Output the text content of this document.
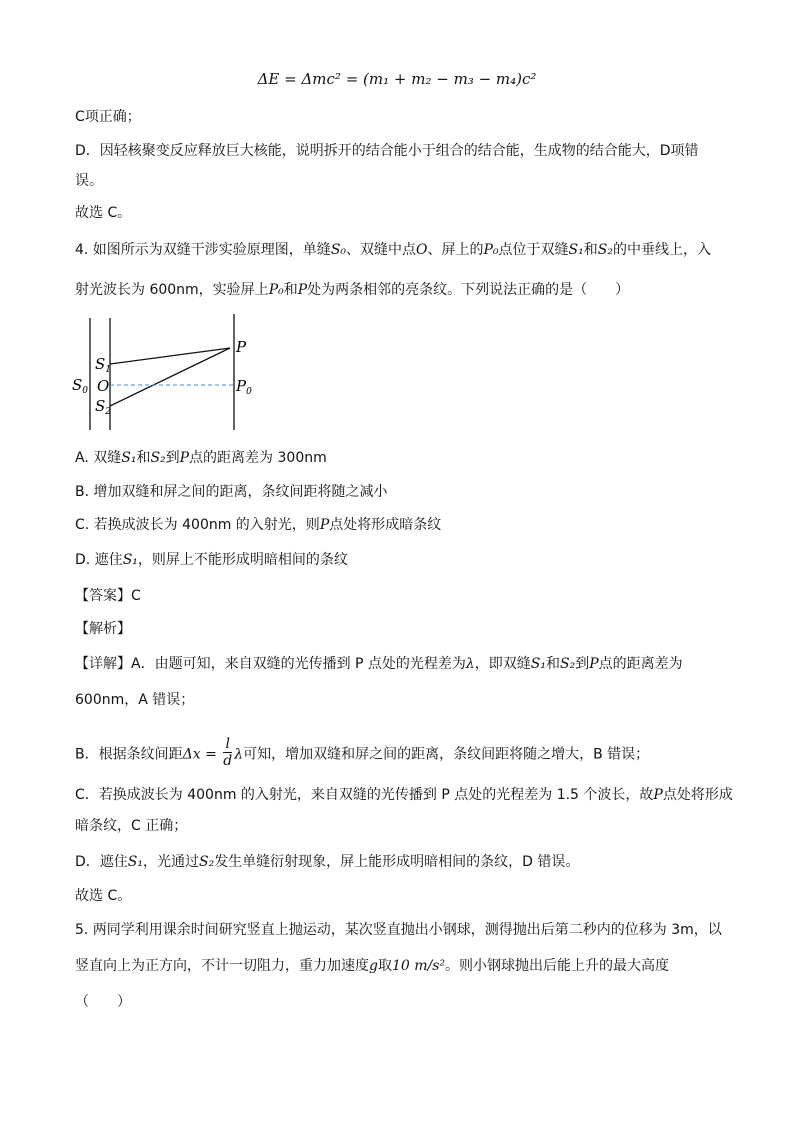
ΔE = Δmc² = (m₁ + m₂ − m₃ − m₄)c²
C项正确；
D．因轻核聚变反应释放巨大核能，说明拆开的结合能小于组合的结合能，生成物的结合能大，D项错
误。
故选 C。
4. 如图所示为双缝干涉实验原理图，单缝S₀、双缝中点O、屏上的P₀点位于双缝S₁和S₂的中垂线上，入
射光波长为 600nm，实验屏上P₀和P处为两条相邻的亮条纹。下列说法正确的是（　　）
$S_0$
$S_1$
O
$S_2$
P
$P_0$
A. 双缝S₁和S₂到P点的距离差为 300nm
B. 增加双缝和屏之间的距离，条纹间距将随之减小
C. 若换成波长为 400nm 的入射光，则P点处将形成暗条纹
D. 遮住S₁，则屏上不能形成明暗相间的条纹
【答案】C
【解析】
【详解】A．由题可知，来自双缝的光传播到 P 点处的光程差为λ，即双缝S₁和S₂到P点的距离差为
600nm，A 错误；
B．根据条纹间距$\Delta x = \frac{l}{d}$ λ可知，增加双缝和屏之间的距离，条纹间距将随之增大，B 错误；
C．若换成波长为 400nm 的入射光，来自双缝的光传播到 P 点处的光程差为 1.5 个波长，故P点处将形成
暗条纹，C 正确；
D．遮住S₁，光通过S₂发生单缝衍射现象，屏上能形成明暗相间的条纹，D 错误。
故选 C。
5. 两同学利用课余时间研究竖直上抛运动，某次竖直抛出小钢球，测得抛出后第二秒内的位移为 3m，以
竖直向上为正方向，不计一切阻力，重力加速度g取10 m/s²。则小钢球抛出后能上升的最大高度
（　　）
